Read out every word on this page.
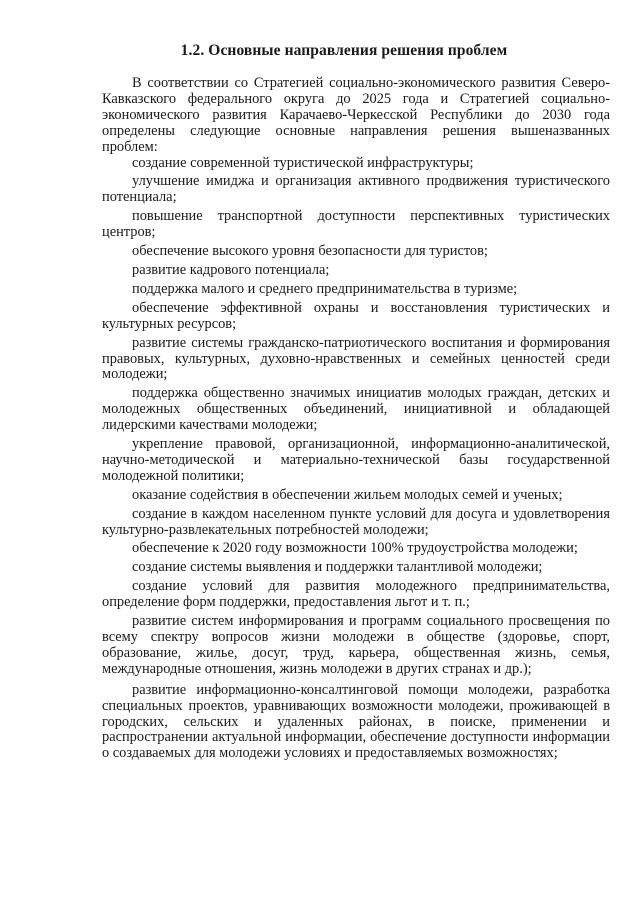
1.2. Основные направления решения проблем

В соответствии со Стратегией социально-экономического развития Северо-Кавказского федерального округа до 2025 года и Стратегией социально-экономического развития Карачаево-Черкесской Республики до 2030 года определены следующие основные направления решения вышеназванных проблем:

создание современной туристической инфраструктуры;

улучшение имиджа и организация активного продвижения туристического потенциала;

повышение транспортной доступности перспективных туристических центров;

обеспечение высокого уровня безопасности для туристов;

развитие кадрового потенциала;

поддержка малого и среднего предпринимательства в туризме;

обеспечение эффективной охраны и восстановления туристических и культурных ресурсов;

развитие системы гражданско-патриотического воспитания и формирования правовых, культурных, духовно-нравственных и семейных ценностей среди молодежи;

поддержка общественно значимых инициатив молодых граждан, детских и молодежных общественных объединений, инициативной и обладающей лидерскими качествами молодежи;

укрепление правовой, организационной, информационно-аналитической, научно-методической и материально-технической базы государственной молодежной политики;

оказание содействия в обеспечении жильем молодых семей и ученых;

создание в каждом населенном пункте условий для досуга и удовлетворения культурно-развлекательных потребностей молодежи;

обеспечение к 2020 году возможности 100% трудоустройства молодежи;

создание системы выявления и поддержки талантливой молодежи;

создание условий для развития молодежного предпринимательства, определение форм поддержки, предоставления льгот и т. п.;

развитие систем информирования и программ социального просвещения по всему спектру вопросов жизни молодежи в обществе (здоровье, спорт, образование, жилье, досуг, труд, карьера, общественная жизнь, семья, международные отношения, жизнь молодежи в других странах и др.);

развитие информационно-консалтинговой помощи молодежи, разработка специальных проектов, уравнивающих возможности молодежи, проживающей в городских, сельских и удаленных районах, в поиске, применении и распространении актуальной информации, обеспечение доступности информации о создаваемых для молодежи условиях и предоставляемых возможностях;
